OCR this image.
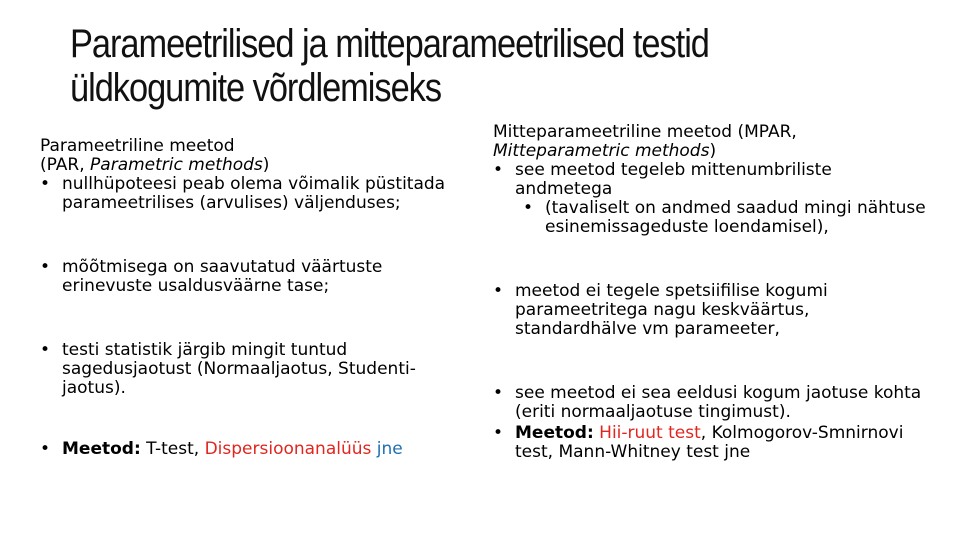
Parameetrilised ja mitteparameetrilised testid
üldkogumite võrdlemiseks
Parameetriline meetod
(PAR, Parametric methods)
• nullhüpoteesi peab olema võimalik püstitada parameetrilises (arvulises) väljenduses;
• mõõtmisega on saavutatud väärtuste erinevuste usaldusväärne tase;
• testi statistik järgib mingit tuntud sagedusjaotust (Normaaljaotus, Studenti-jaotus).
• Meetod: T-test, Dispersioonanalüüs jne
Mitteparameetriline meetod (MPAR,
Mitteparametric methods)
• see meetod tegeleb mittenumbriliste andmetega
• (tavaliselt on andmed saadud mingi nähtuse esinemissageduste loendamisel),
• meetod ei tegele spetsiifilise kogumi parameetritega nagu keskväärtus, standardhälve vm parameeter,
• see meetod ei sea eeldusi kogum jaotuse kohta (eriti normaaljaotuse tingimust).
• Meetod: Hii-ruut test, Kolmogorov-Smnirnovi test, Mann-Whitney test jne
